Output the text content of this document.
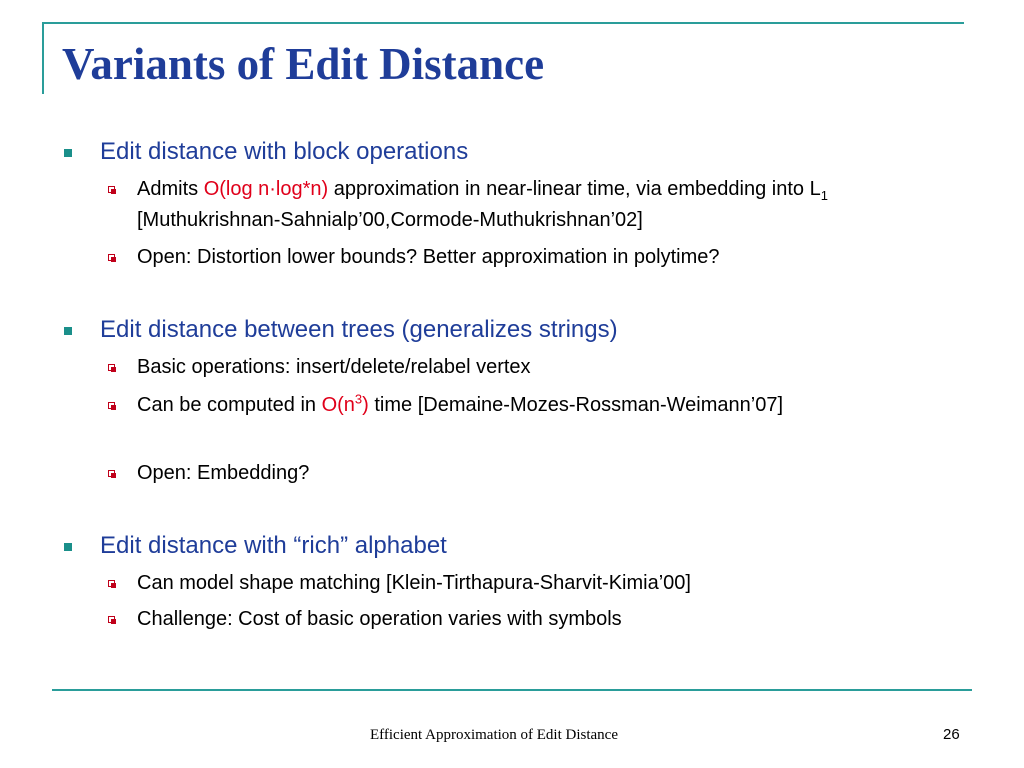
Variants of Edit Distance
Edit distance with block operations
Admits O(log n·log*n) approximation in near-linear time, via embedding into $L_1$ [Muthukrishnan-Sahnialp’00,Cormode-Muthukrishnan’02]
Open: Distortion lower bounds? Better approximation in polytime?
Edit distance between trees (generalizes strings)
Basic operations: insert/delete/relabel vertex
Can be computed in $O(n^3)$ time [Demaine-Mozes-Rossman-Weimann’07]
Open: Embedding?
Edit distance with “rich” alphabet
Can model shape matching [Klein-Tirthapura-Sharvit-Kimia’00]
Challenge: Cost of basic operation varies with symbols
Efficient Approximation of Edit Distance	26
